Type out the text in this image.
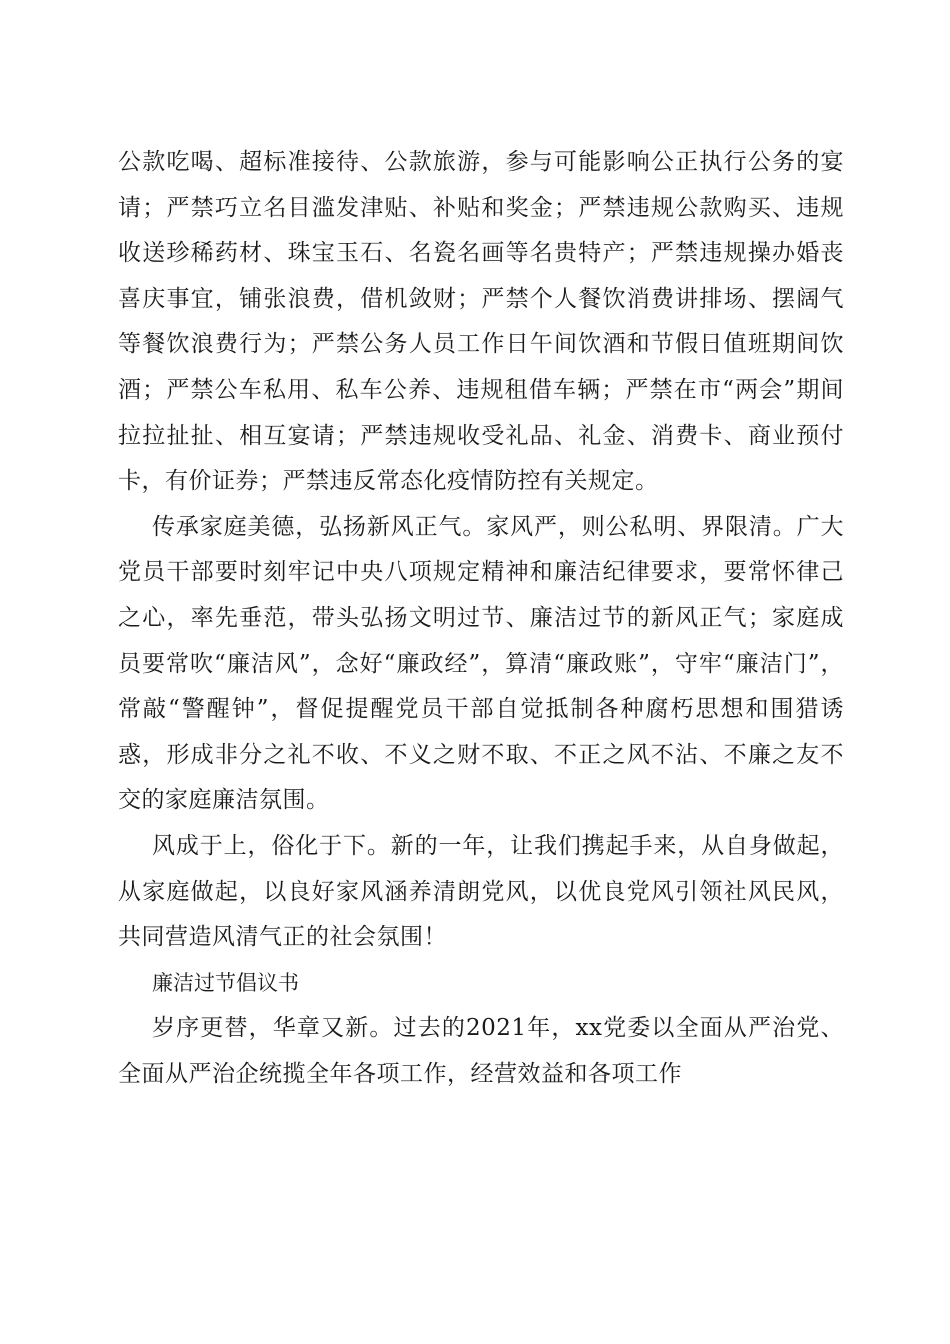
公款吃喝、超标准接待、公款旅游，参与可能影响公正执行公务的宴请；严禁巧立名目滥发津贴、补贴和奖金；严禁违规公款购买、违规收送珍稀药材、珠宝玉石、名瓷名画等名贵特产；严禁违规操办婚丧喜庆事宜，铺张浪费，借机敛财；严禁个人餐饮消费讲排场、摆阔气等餐饮浪费行为；严禁公务人员工作日午间饮酒和节假日值班期间饮酒；严禁公车私用、私车公养、违规租借车辆；严禁在市“两会”期间拉拉扯扯、相互宴请；严禁违规收受礼品、礼金、消费卡、商业预付卡，有价证券；严禁违反常态化疫情防控有关规定。

传承家庭美德，弘扬新风正气。家风严，则公私明、界限清。广大党员干部要时刻牢记中央八项规定精神和廉洁纪律要求，要常怀律己之心，率先垂范，带头弘扬文明过节、廉洁过节的新风正气；家庭成员要常吹“廉洁风”，念好“廉政经”，算清“廉政账”，守牢“廉洁门”，常敲“警醒钟”，督促提醒党员干部自觉抵制各种腐朽思想和围猎诱惑，形成非分之礼不收、不义之财不取、不正之风不沾、不廉之友不交的家庭廉洁氛围。

风成于上，俗化于下。新的一年，让我们携起手来，从自身做起，从家庭做起，以良好家风涵养清朗党风，以优良党风引领社风民风，共同营造风清气正的社会氛围！

廉洁过节倡议书

岁序更替，华章又新。过去的2021年，xx党委以全面从严治党、全面从严治企统揽全年各项工作，经营效益和各项工作
